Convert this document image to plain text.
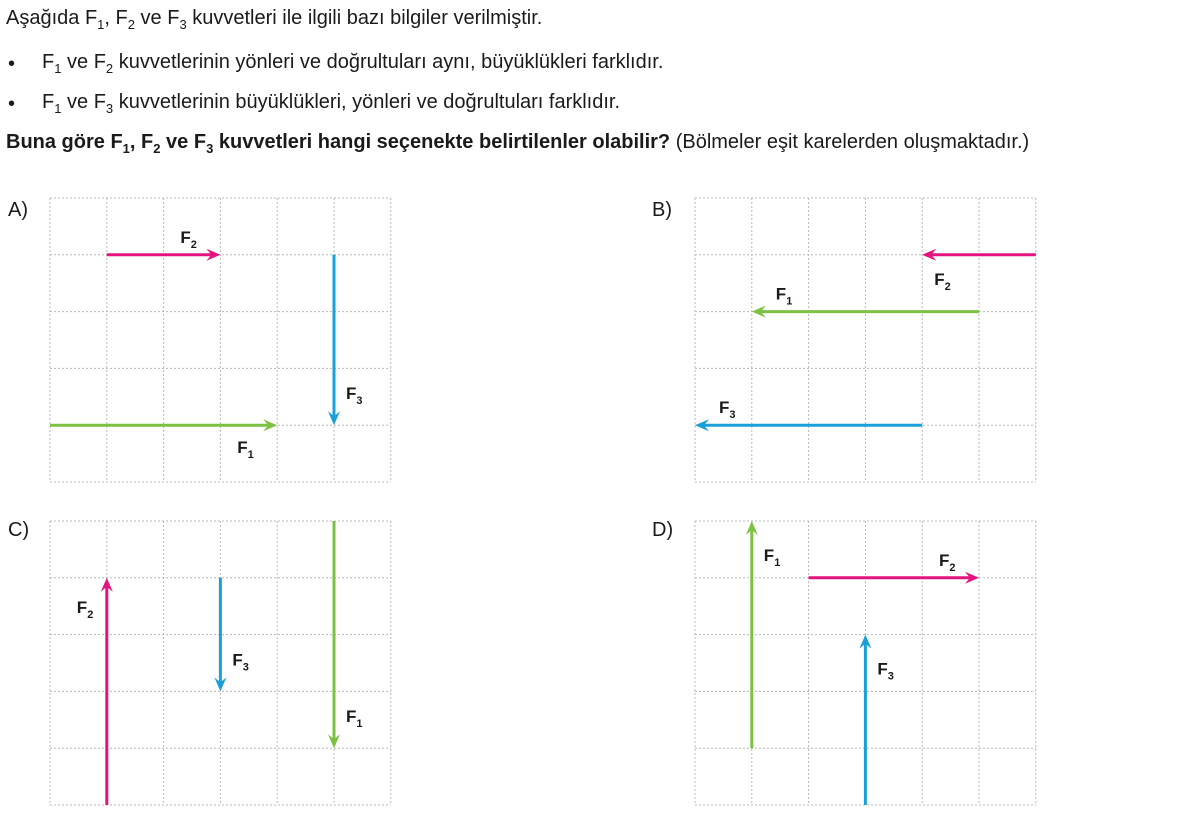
Aşağıda $F_1$, $F_2$ ve $F_3$ kuvvetleri ile ilgili bazı bilgiler verilmiştir.
• $F_1$ ve $F_2$ kuvvetlerinin yönleri ve doğrultuları aynı, büyüklükleri farklıdır.
• $F_1$ ve $F_3$ kuvvetlerinin büyüklükleri, yönleri ve doğrultuları farklıdır.
Buna göre $F_1$, $F_2$ ve $F_3$ kuvvetleri hangi seçenekte belirtilenler olabilir? (Bölmeler eşit karelerden oluşmaktadır.)
A)	B)
C)	D)
$F_1$
$F_2$
$F_3$
$F_1$
$F_2$
$F_3$
$F_1$
$F_2$
$F_3$
$F_1$	$F_2$
$F_3$
